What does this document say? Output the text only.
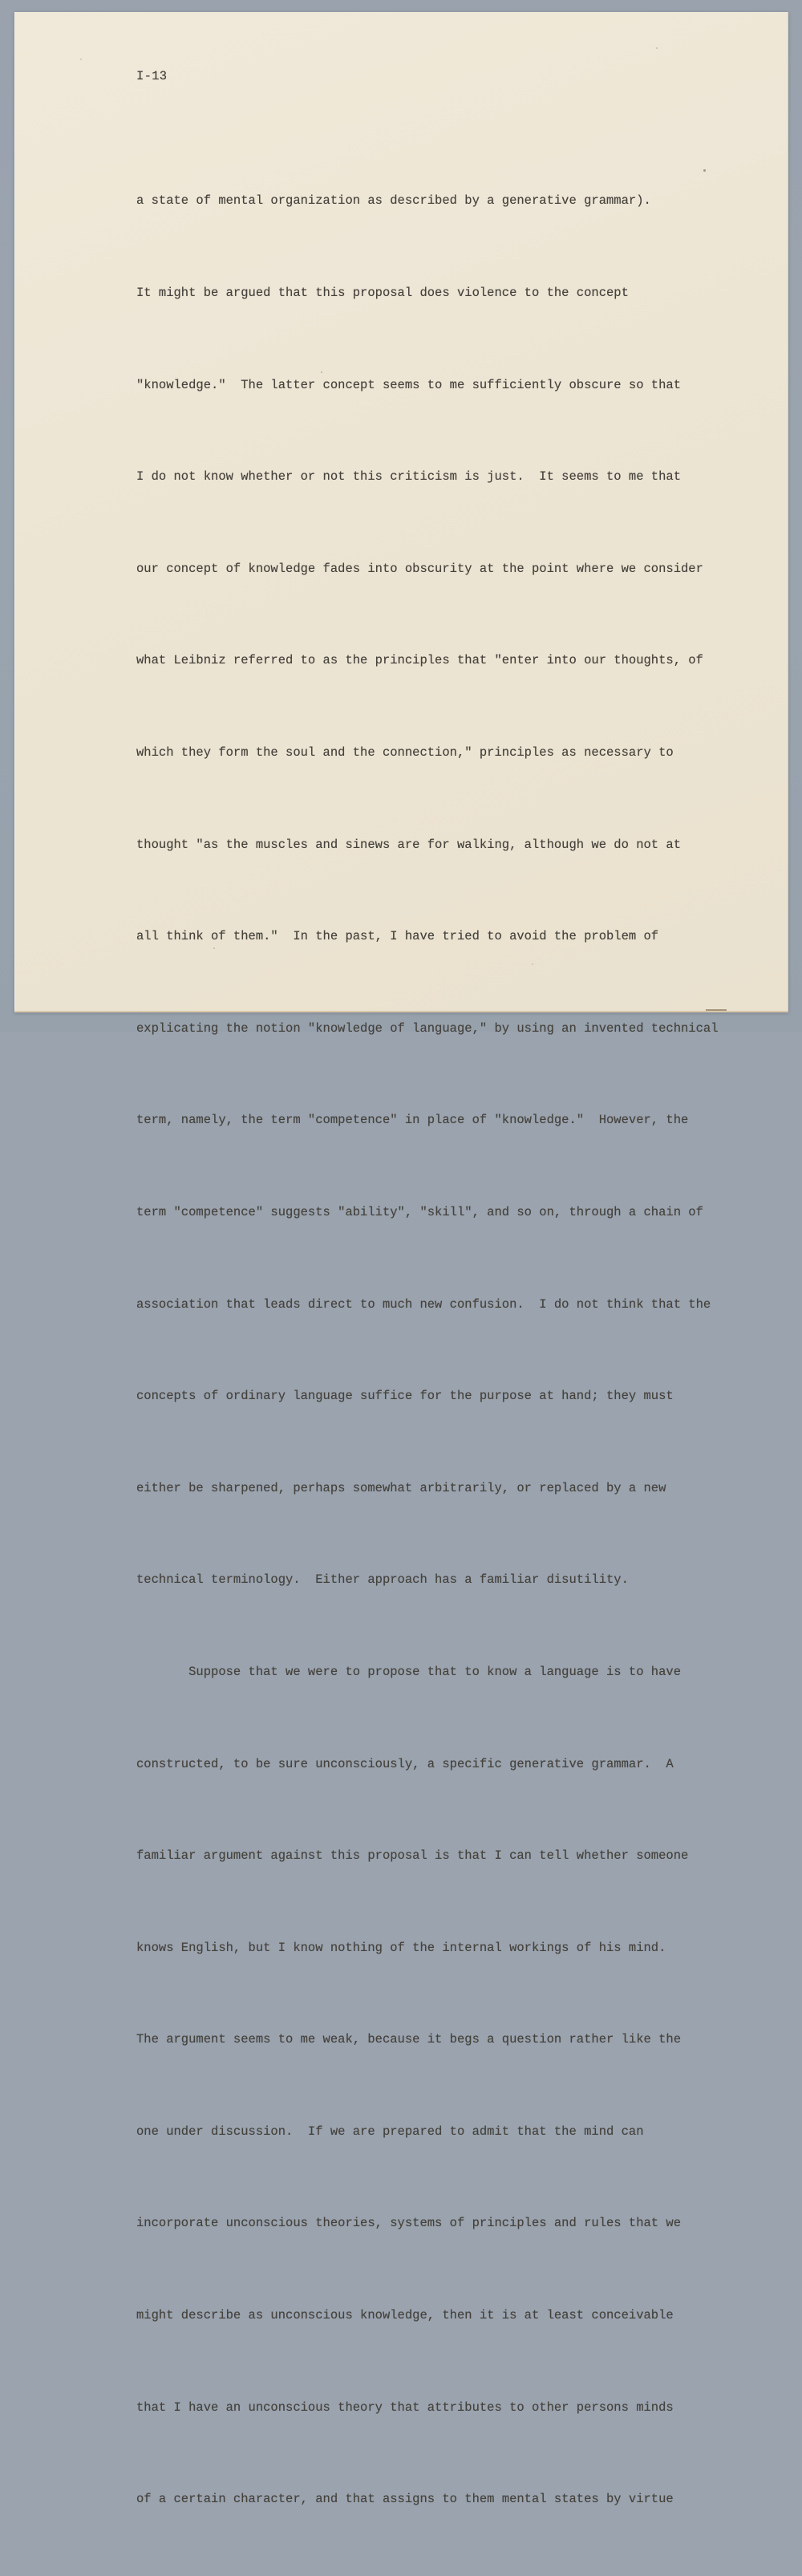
I-13

a state of mental organization as described by a generative grammar).

It might be argued that this proposal does violence to the concept

"knowledge."  The latter concept seems to me sufficiently obscure so that

I do not know whether or not this criticism is just.  It seems to me that

our concept of knowledge fades into obscurity at the point where we consider

what Leibniz referred to as the principles that "enter into our thoughts, of

which they form the soul and the connection," principles as necessary to

thought "as the muscles and sinews are for walking, although we do not at

all think of them."  In the past, I have tried to avoid the problem of

explicating the notion "knowledge of language," by using an invented technical

term, namely, the term "competence" in place of "knowledge."  However, the

term "competence" suggests "ability", "skill", and so on, through a chain of

association that leads direct to much new confusion.  I do not think that the

concepts of ordinary language suffice for the purpose at hand; they must

either be sharpened, perhaps somewhat arbitrarily, or replaced by a new

technical terminology.  Either approach has a familiar disutility.

Suppose that we were to propose that to know a language is to have

constructed, to be sure unconsciously, a specific generative grammar.  A

familiar argument against this proposal is that I can tell whether someone

knows English, but I know nothing of the internal workings of his mind.

The argument seems to me weak, because it begs a question rather like the

one under discussion.  If we are prepared to admit that the mind can

incorporate unconscious theories, systems of principles and rules that we

might describe as unconscious knowledge, then it is at least conceivable

that I have an unconscious theory that attributes to other persons minds

of a certain character, and that assigns to them mental states by virtue
